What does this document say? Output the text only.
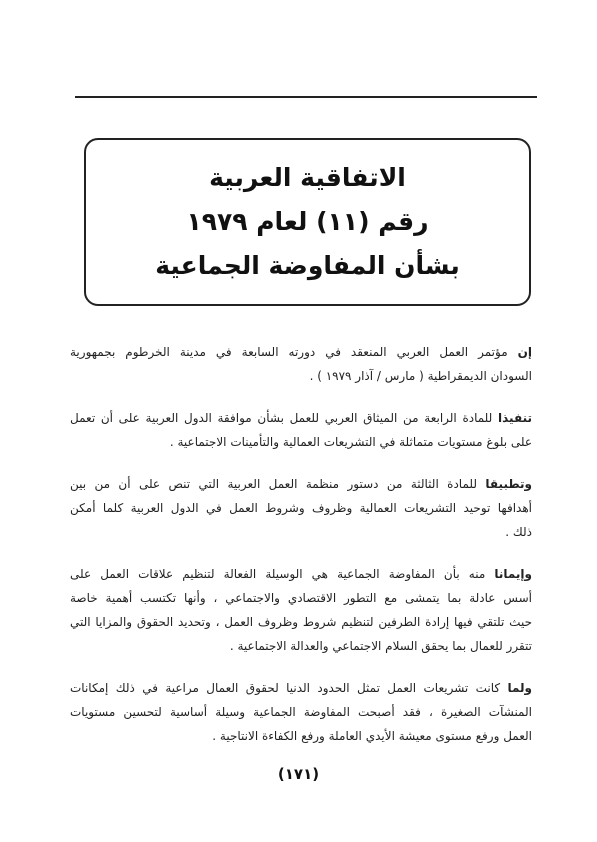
الاتفاقية العربية
رقم (١١) لعام ١٩٧٩
بشأن المفاوضة الجماعية
إن مؤتمر العمل العربي المنعقد في دورته السابعة في مدينة الخرطوم بجمهورية
السودان الديمقراطية ( مارس / آذار ١٩٧٩ ) .
تنفيذا للمادة الرابعة من الميثاق العربي للعمل بشأن موافقة الدول العربية على أن تعمل
على بلوغ مستويات متماثلة في التشريعات العمالية والتأمينات الاجتماعية .
وتطبيقا للمادة الثالثة من دستور منظمة العمل العربية التي تنص على أن من بين
أهدافها توحيد التشريعات العمالية وظروف وشروط العمل في الدول العربية كلما أمكن
ذلك .
وإيمانا منه بأن المفاوضة الجماعية هي الوسيلة الفعالة لتنظيم علاقات العمل على
أسس عادلة بما يتمشى مع التطور الاقتصادي والاجتماعي ، وأنها تكتسب أهمية خاصة
حيث تلتقي فيها إرادة الطرفين لتنظيم شروط وظروف العمل ، وتحديد الحقوق والمزايا التي
تتقرر للعمال بما يحقق السلام الاجتماعي والعدالة الاجتماعية .
ولما كانت تشريعات العمل تمثل الحدود الدنيا لحقوق العمال مراعية في ذلك إمكانات
المنشآت الصغيرة ، فقد أصبحت المفاوضة الجماعية وسيلة أساسية لتحسين مستويات
العمل ورفع مستوى معيشة الأيدي العاملة ورفع الكفاءة الانتاجية .
(١٧١)
